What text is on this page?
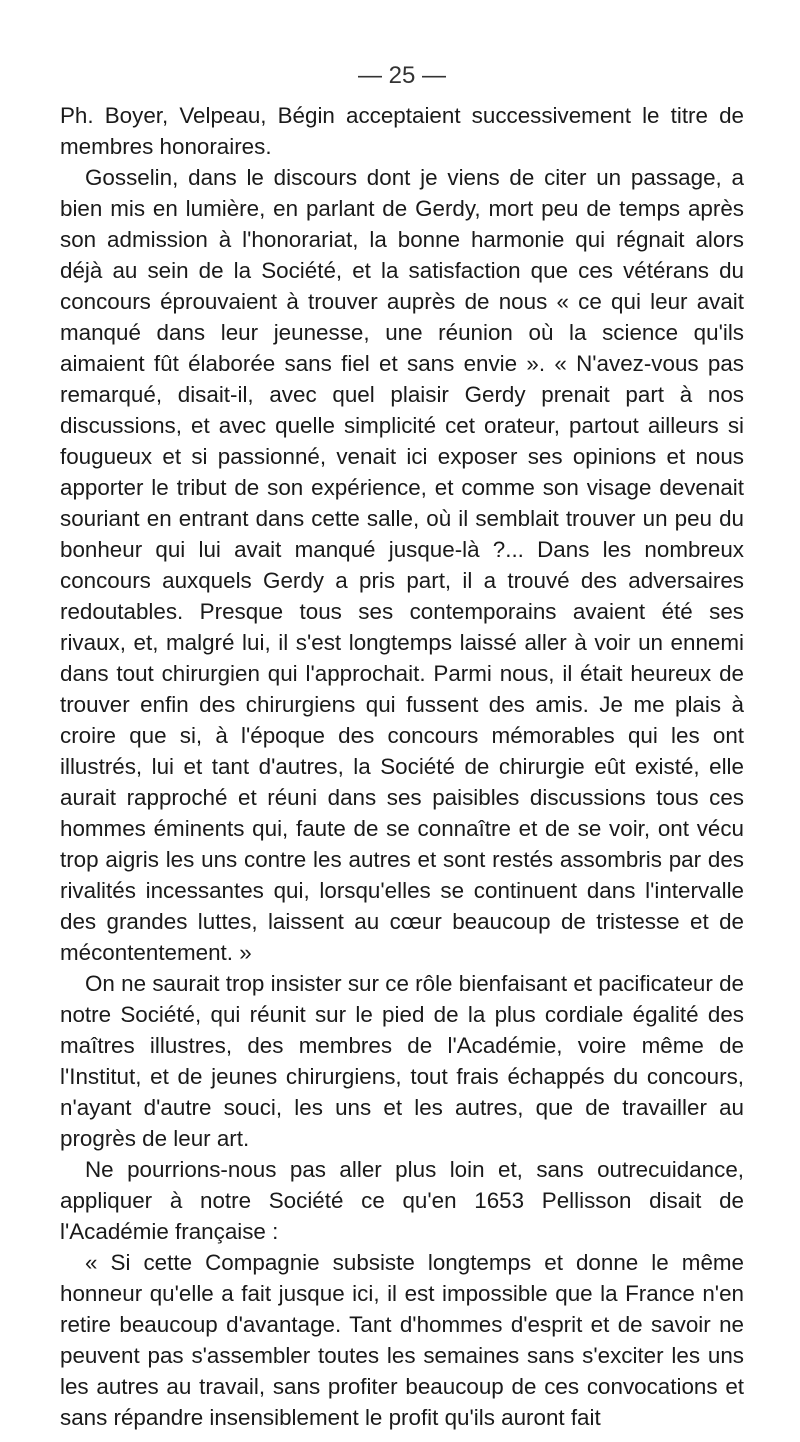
— 25 —

Ph. Boyer, Velpeau, Bégin acceptaient successivement le titre de membres honoraires.

Gosselin, dans le discours dont je viens de citer un passage, a bien mis en lumière, en parlant de Gerdy, mort peu de temps après son admission à l'honorariat, la bonne harmonie qui régnait alors déjà au sein de la Société, et la satisfaction que ces vétérans du concours éprouvaient à trouver auprès de nous « ce qui leur avait manqué dans leur jeunesse, une réunion où la science qu'ils aimaient fût élaborée sans fiel et sans envie ». « N'avez-vous pas remarqué, disait-il, avec quel plaisir Gerdy prenait part à nos discussions, et avec quelle simplicité cet orateur, partout ailleurs si fougueux et si passionné, venait ici exposer ses opinions et nous apporter le tribut de son expérience, et comme son visage devenait souriant en entrant dans cette salle, où il semblait trouver un peu du bonheur qui lui avait manqué jusque-là ?... Dans les nombreux concours auxquels Gerdy a pris part, il a trouvé des adversaires redoutables. Presque tous ses contemporains avaient été ses rivaux, et, malgré lui, il s'est longtemps laissé aller à voir un ennemi dans tout chirurgien qui l'approchait. Parmi nous, il était heureux de trouver enfin des chirurgiens qui fussent des amis. Je me plais à croire que si, à l'époque des concours mémorables qui les ont illustrés, lui et tant d'autres, la Société de chirurgie eût existé, elle aurait rapproché et réuni dans ses paisibles discussions tous ces hommes éminents qui, faute de se connaître et de se voir, ont vécu trop aigris les uns contre les autres et sont restés assombris par des rivalités incessantes qui, lorsqu'elles se continuent dans l'intervalle des grandes luttes, laissent au cœur beaucoup de tristesse et de mécontentement. »

On ne saurait trop insister sur ce rôle bienfaisant et pacificateur de notre Société, qui réunit sur le pied de la plus cordiale égalité des maîtres illustres, des membres de l'Académie, voire même de l'Institut, et de jeunes chirurgiens, tout frais échappés du concours, n'ayant d'autre souci, les uns et les autres, que de travailler au progrès de leur art.

Ne pourrions-nous pas aller plus loin et, sans outrecuidance, appliquer à notre Société ce qu'en 1653 Pellisson disait de l'Académie française :

« Si cette Compagnie subsiste longtemps et donne le même honneur qu'elle a fait jusque ici, il est impossible que la France n'en retire beaucoup d'avantage. Tant d'hommes d'esprit et de savoir ne peuvent pas s'assembler toutes les semaines sans s'exciter les uns les autres au travail, sans profiter beaucoup de ces convocations et sans répandre insensiblement le profit qu'ils auront fait
